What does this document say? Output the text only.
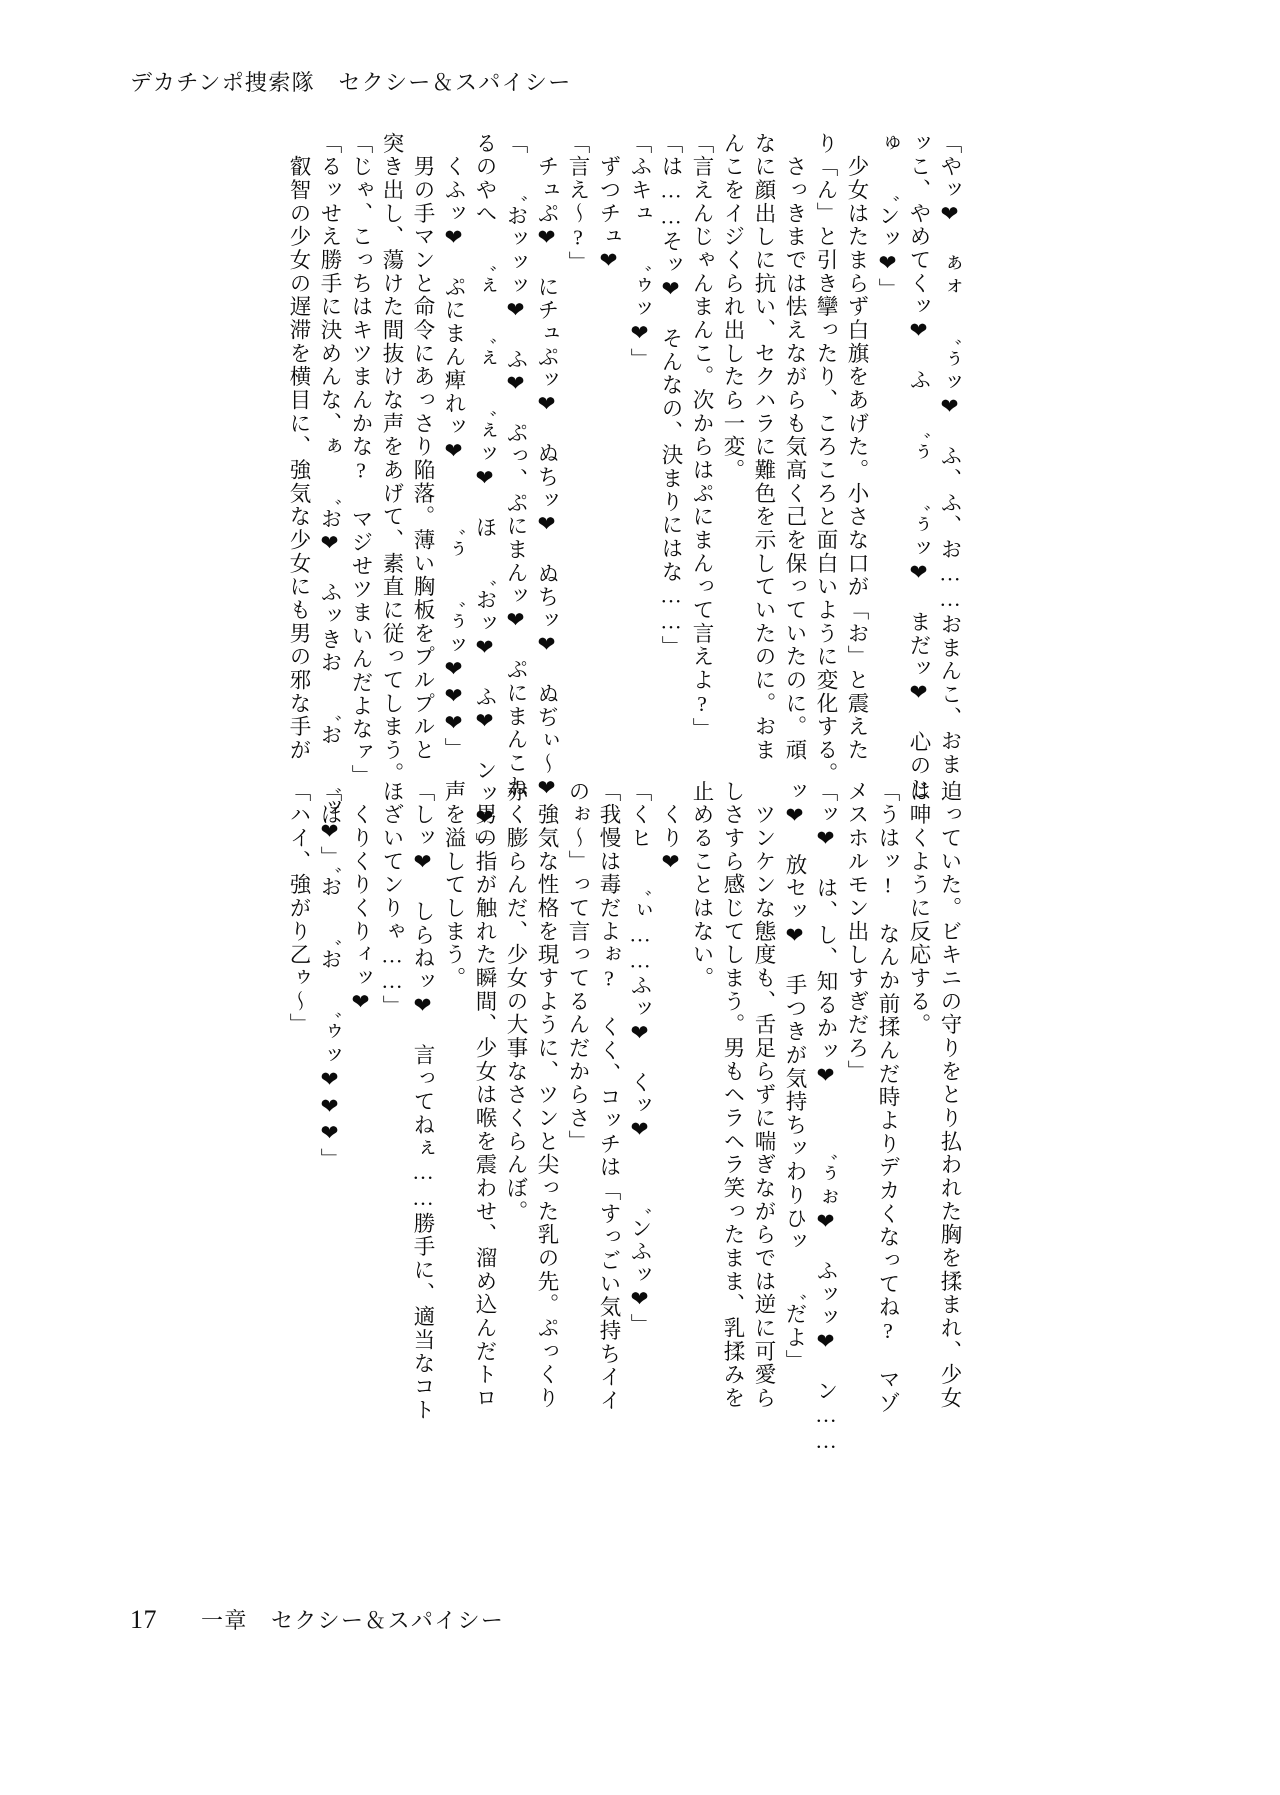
デカチンポ捜索隊　セクシー＆スパイシー
「やッ❤　ぁォ ゛ぅッ❤　ふ、ふ、お……おまんこ、おま
ッこ、やめてくッ❤　ふ ゛ぅ ゛ぅッ❤　まだッ❤　心のじ
ゅ ゛ンッ❤」
　少女はたまらず白旗をあげた。小さな口が「お」と震えた
り「ん」と引き攣ったり、ころころと面白いように変化する。
　さっきまでは怯えながらも気高く己を保っていたのに。頑
なに顔出しに抗い、セクハラに難色を示していたのに。おま
んこをイジくられ出したら一変。
「言えんじゃんまんこ。次からはぷにまんって言えよ?」
「は……そッ❤　そんなの、決まりにはな……」
「ふキュ ゛ゥッ❤」
　ずつチュ❤
「言え〜?」
　チュぷ❤　にチュぷッ❤　ぬちッ❤　ぬちッ❤　ぬぢぃ〜❤
「 ゛おッッッ❤　ふ❤　ぷっ、ぷにまんッ❤　ぷにまんこね
るのやへ ゛ぇ ゛ぇ ゛ぇッ❤　ほ ゛おッ❤　ふ❤　ンッ❤」
　くふッ❤　ぷにまん痺れッ❤　 ゛ぅ ゛ぅッ❤❤❤」
　男の手マンと命令にあっさり陥落。薄い胸板をプルプルと
突き出し、蕩けた間抜けな声をあげて、素直に従ってしまう。
「じゃ、こっちはキツまんかな?　マジせツまいんだよなァ」
「るッせえ勝手に決めんな、ぁ ゛お❤　ふッきお ゛お ゛ッ❤」
　叡智の少女の遅滞を横目に、強気な少女にも男の邪な手が
迫っていた。ビキニの守りをとり払われた胸を揉まれ、少女
は呻くように反応する。
「うはッ!　なんか前揉んだ時よりデカくなってね?　マゾ
メスホルモン出しすぎだろ」
「ッ❤　は、し、知るかッ❤　 ゛ぅぉ❤　ふッッ❤　ン……
ッ❤　放セッ❤　手つきが気持ちッわりひッ ゛だよ」
　ツンケンな態度も、舌足らずに喘ぎながらでは逆に可愛ら
しさすら感じてしまう。男もヘラヘラ笑ったまま、乳揉みを
止めることはない。
　くり❤
「くヒ ゛ぃ……ふッ❤　くッ❤　 ゛ンふッ❤」
「我慢は毒だよぉ?　くく、コッチは「すっごい気持ちイイ
のぉ〜」って言ってるんだからさ」
　強気な性格を現すように、ツンと尖った乳の先。ぷっくり
赤く膨らんだ、少女の大事なさくらんぼ。
　男の指が触れた瞬間、少女は喉を震わせ、溜め込んだトロ
声を溢してしまう。
「しッ❤　しらねッ❤　言ってねぇ……勝手に、適当なコト
ほざいてンりゃ……」
　くりくりくりィッ❤
「ほ ゛お ゛お ゛ゥッ❤❤❤」
「ハイ、強がり乙ゥ〜」
17 一章　セクシー＆スパイシー
